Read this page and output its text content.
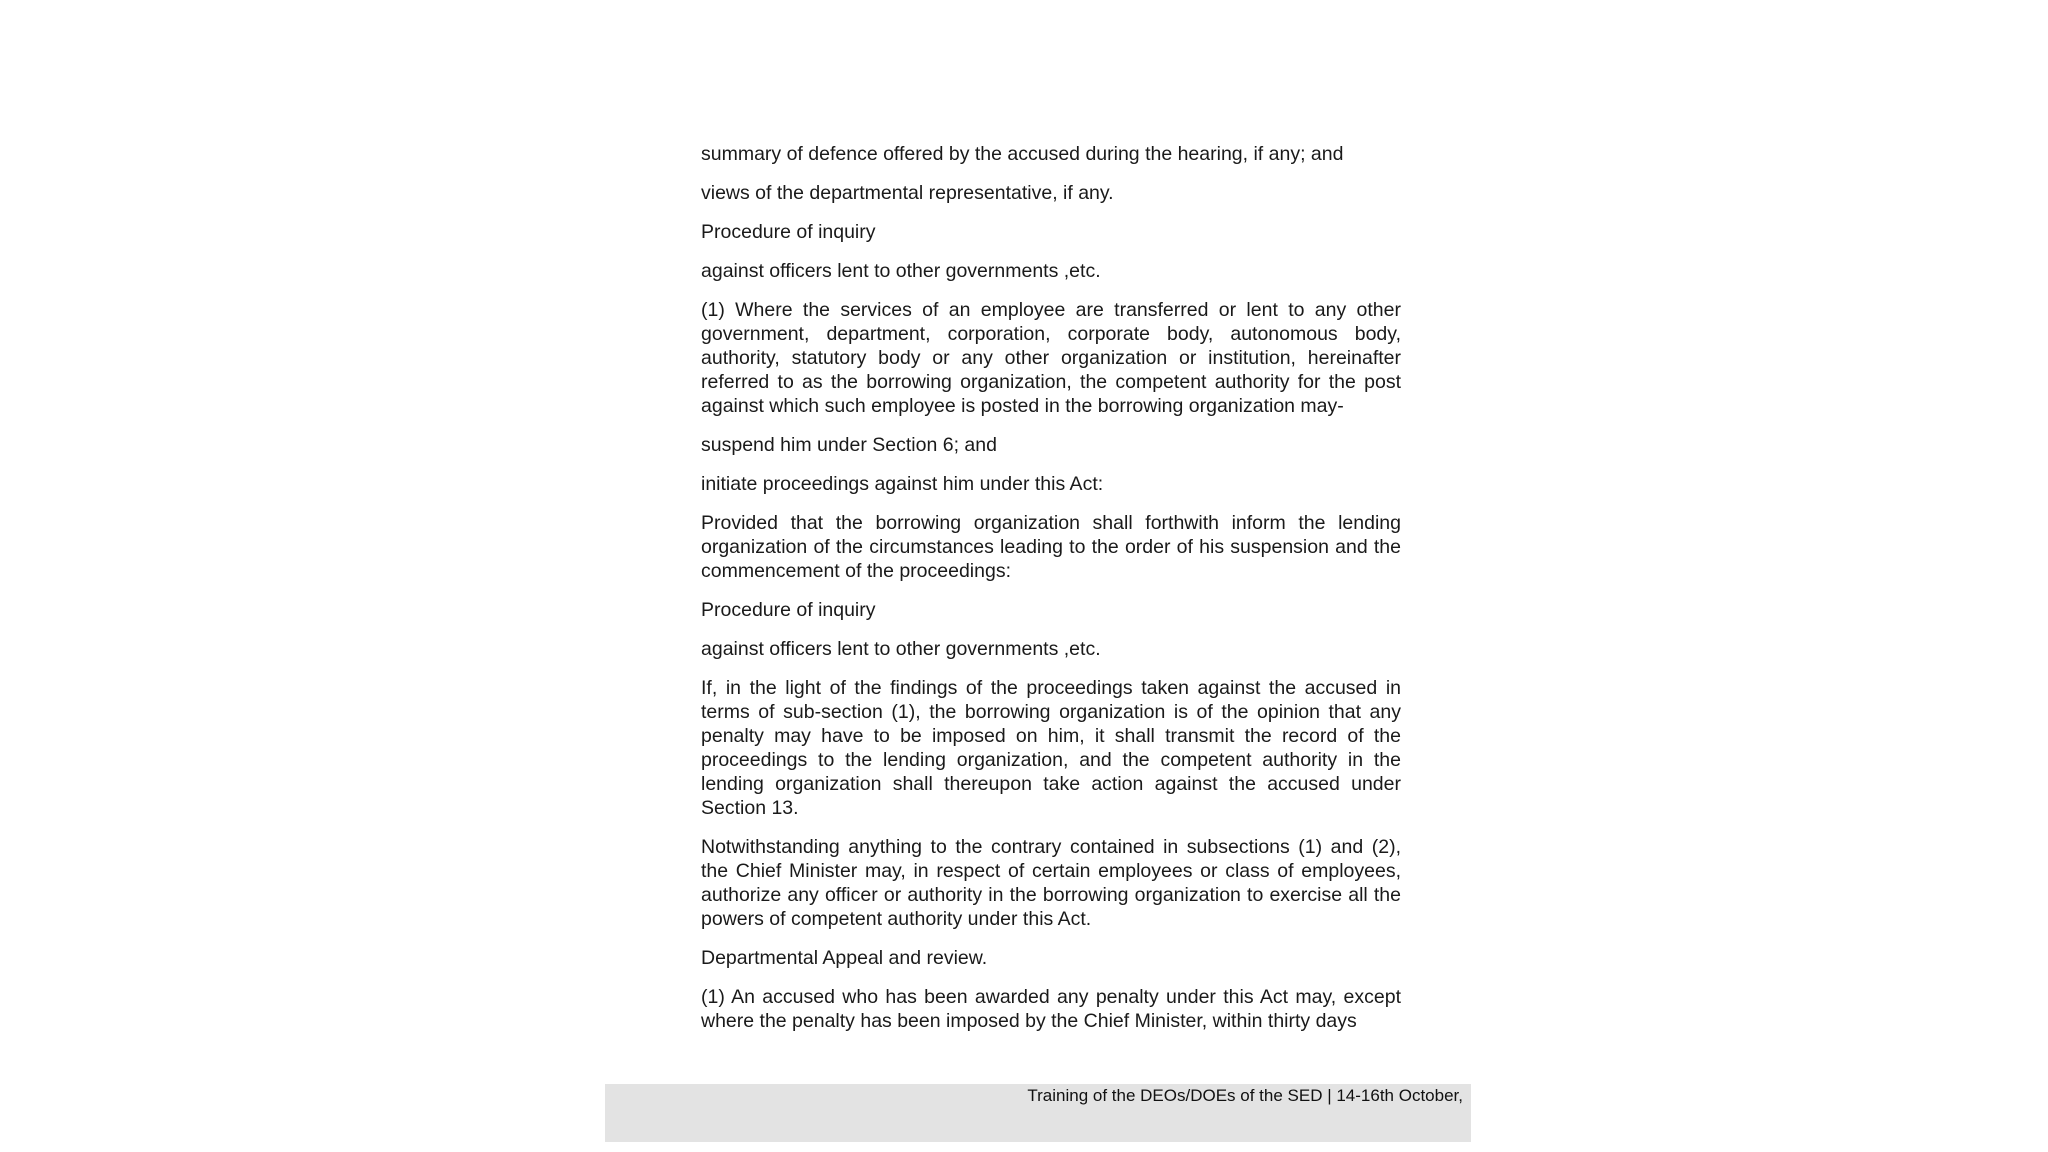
summary of defence offered by the accused during the hearing, if any; and

views of the departmental representative, if any.

Procedure of inquiry

against officers lent to other governments ,etc.

(1) Where the services of an employee are transferred or lent to any other government, department, corporation, corporate body, autonomous body, authority, statutory body or any other organization or institution, hereinafter referred to as the borrowing organization, the competent authority for the post against which such employee is posted in the borrowing organization may-

suspend him under Section 6; and

initiate proceedings against him under this Act:

Provided that the borrowing organization shall forthwith inform the lending organization of the circumstances leading to the order of his suspension and the commencement of the proceedings:

Procedure of inquiry

against officers lent to other governments ,etc.

If, in the light of the findings of the proceedings taken against the accused in terms of sub-section (1), the borrowing organization is of the opinion that any penalty may have to be imposed on him, it shall transmit the record of the proceedings to the lending organization, and the competent authority in the lending organization shall thereupon take action against the accused under Section 13.

Notwithstanding anything to the contrary contained in subsections (1) and (2), the Chief Minister may, in respect of certain employees or class of employees, authorize any officer or authority in the borrowing organization to exercise all the powers of competent authority under this Act.

Departmental Appeal and review.

(1) An accused who has been awarded any penalty under this Act may, except where the penalty has been imposed by the Chief Minister, within thirty days

Training of the DEOs/DOEs of the SED | 14-16th October,
